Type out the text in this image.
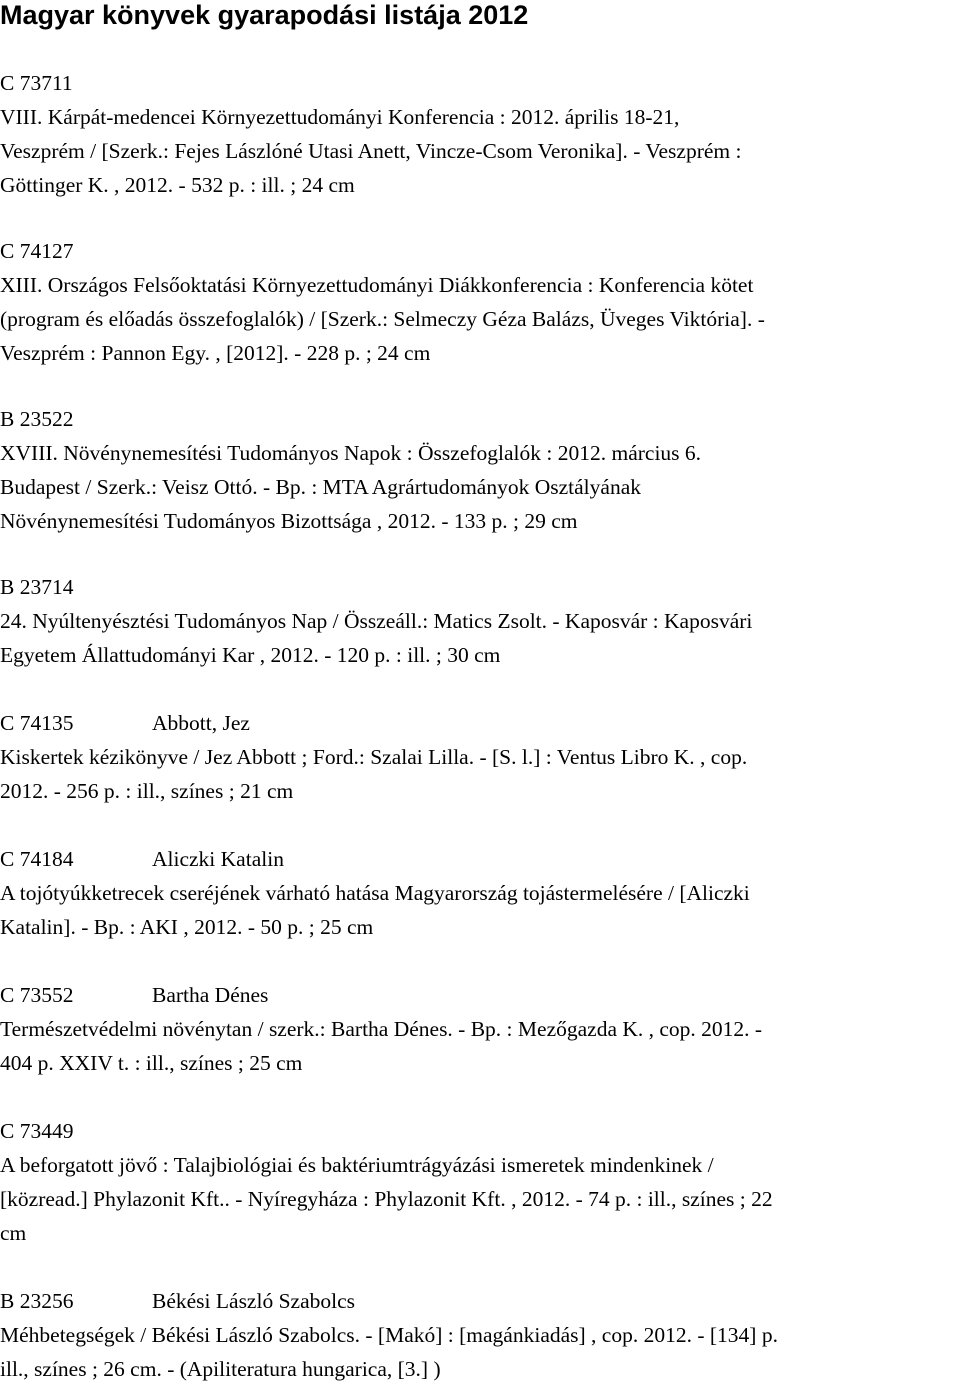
Magyar könyvek gyarapodási listája 2012
C 73711
VIII. Kárpát-medencei Környezettudományi Konferencia : 2012. április 18-21,
Veszprém / [Szerk.: Fejes Lászlóné Utasi Anett, Vincze-Csom Veronika]. - Veszprém :
Göttinger K. , 2012. - 532 p. : ill. ; 24 cm
C 74127
XIII. Országos Felsőoktatási Környezettudományi Diákkonferencia : Konferencia kötet
(program és előadás összefoglalók) / [Szerk.: Selmeczy Géza Balázs, Üveges Viktória]. -
Veszprém : Pannon Egy. , [2012]. - 228 p. ; 24 cm
B 23522
XVIII. Növénynemesítési Tudományos Napok : Összefoglalók : 2012. március 6.
Budapest / Szerk.: Veisz Ottó. - Bp. : MTA Agrártudományok Osztályának
Növénynemesítési Tudományos Bizottsága , 2012. - 133 p. ; 29 cm
B 23714
24. Nyúltenyésztési Tudományos Nap / Összeáll.: Matics Zsolt. - Kaposvár : Kaposvári
Egyetem Állattudományi Kar , 2012. - 120 p. : ill. ; 30 cm
C 74135	Abbott, Jez
Kiskertek kézikönyve / Jez Abbott ; Ford.: Szalai Lilla. - [S. l.] : Ventus Libro K. , cop.
2012. - 256 p. : ill., színes ; 21 cm
C 74184	Aliczki Katalin
A tojótyúkketrecek cseréjének várható hatása Magyarország tojástermelésére / [Aliczki
Katalin]. - Bp. : AKI , 2012. - 50 p. ; 25 cm
C 73552	Bartha Dénes
Természetvédelmi növénytan / szerk.: Bartha Dénes. - Bp. : Mezőgazda K. , cop. 2012. -
404 p. XXIV t. : ill., színes ; 25 cm
C 73449
A beforgatott jövő : Talajbiológiai és baktériumtrágyázási ismeretek mindenkinek /
[közread.] Phylazonit Kft.. - Nyíregyháza : Phylazonit Kft. , 2012. - 74 p. : ill., színes ; 22
cm
B 23256	Békési László Szabolcs
Méhbetegségek / Békési László Szabolcs. - [Makó] : [magánkiadás] , cop. 2012. - [134] p.
ill., színes ; 26 cm. - (Apiliteratura hungarica, [3.] )
